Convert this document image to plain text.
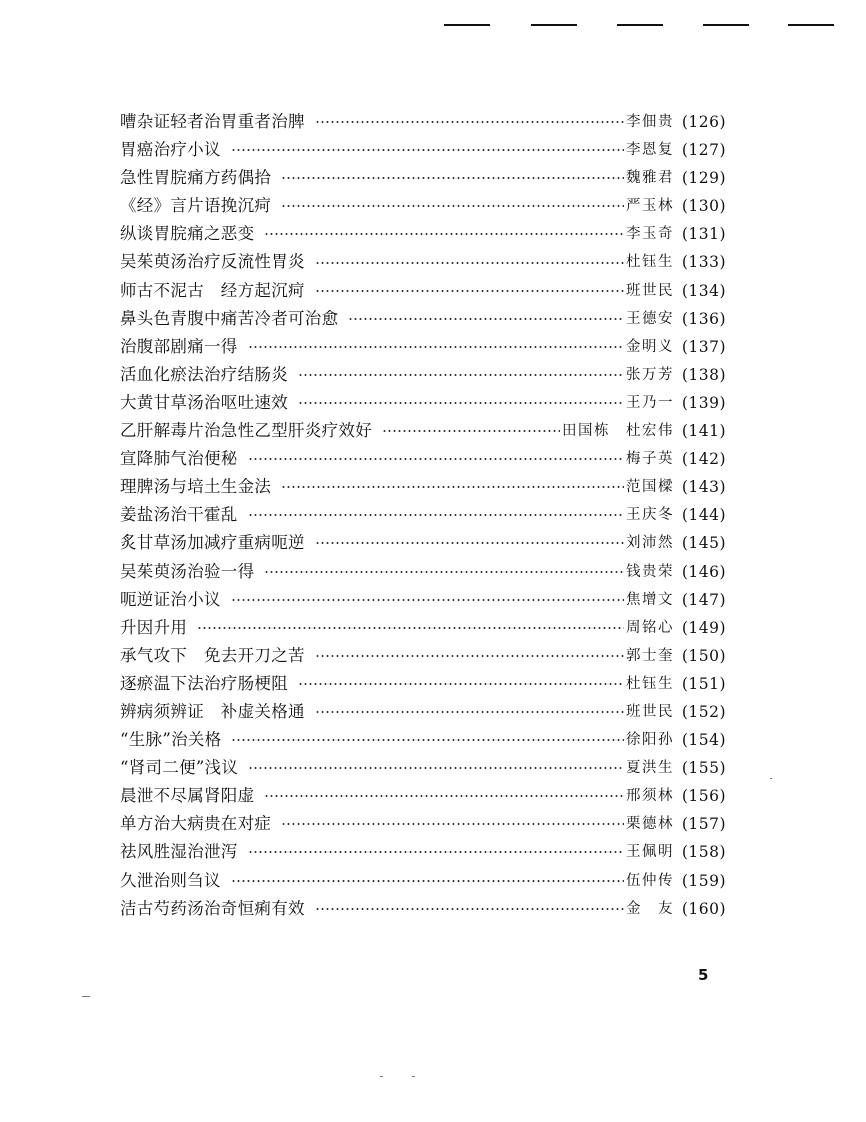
嘈杂证轻者治胃重者治脾	李佃贵 (126)
胃癌治疗小议	李恩复 (127)
急性胃脘痛方药偶拾	魏雅君 (129)
《经》言片语挽沉疴	严玉林 (130)
纵谈胃脘痛之恶变	李玉奇 (131)
吴茱萸汤治疗反流性胃炎	杜钰生 (133)
师古不泥古　经方起沉疴	班世民 (134)
鼻头色青腹中痛苦冷者可治愈	王德安 (136)
治腹部剧痛一得	金明义 (137)
活血化瘀法治疗结肠炎	张万芳 (138)
大黄甘草汤治呕吐速效	王乃一 (139)
乙肝解毒片治急性乙型肝炎疗效好	田国栋　杜宏伟 (141)
宣降肺气治便秘	梅子英 (142)
理脾汤与培土生金法	范国樑 (143)
姜盐汤治干霍乱	王庆冬 (144)
炙甘草汤加减疗重病呃逆	刘沛然 (145)
吴茱萸汤治验一得	钱贵荣 (146)
呃逆证治小议	焦增文 (147)
升因升用	周铭心 (149)
承气攻下　免去开刀之苦	郭士奎 (150)
逐瘀温下法治疗肠梗阻	杜钰生 (151)
辨病须辨证　补虚关格通	班世民 (152)
“生脉”治关格	徐阳孙 (154)
“肾司二便”浅议	夏洪生 (155)
晨泄不尽属肾阳虚	邢须林 (156)
单方治大病贵在对症	栗德林 (157)
祛风胜湿治泄泻	王佩明 (158)
久泄治则刍议	伍仲传 (159)
洁古芍药汤治奇恒痢有效	金　友 (160)
5
